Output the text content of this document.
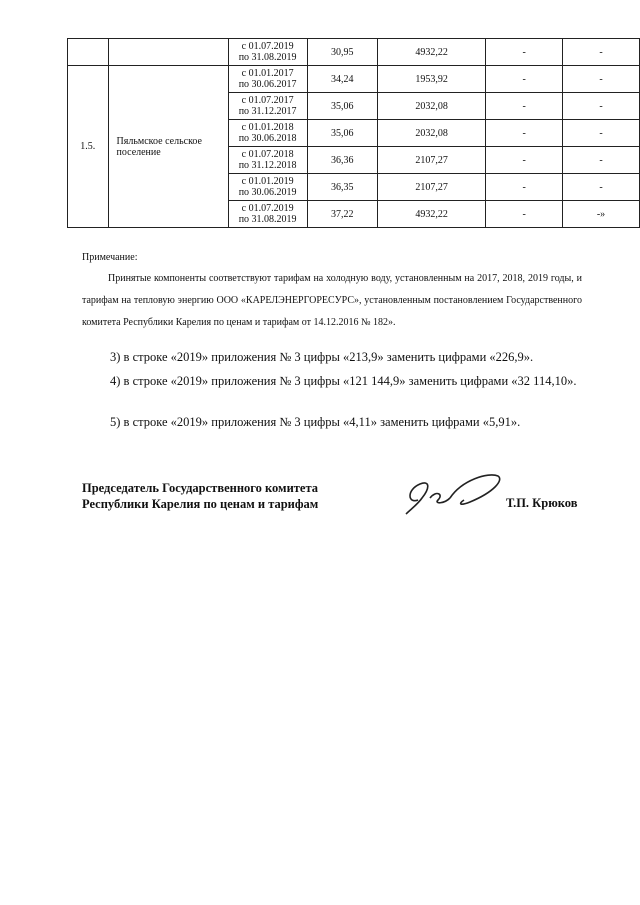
		с 01.07.2019
по 31.08.2019	30,95	4932,22	-	-
1.5.	Пяльмское сельское поселение	с 01.01.2017
по 30.06.2017	34,24	1953,92	-	-

		с 01.07.2017
по 31.12.2017	35,06	2032,08	-	-

		с 01.01.2018
по 30.06.2018	35,06	2032,08	-	-

		с 01.07.2018
по 31.12.2018	36,36	2107,27	-	-

		с 01.01.2019
по 30.06.2019	36,35	2107,27	-	-

		с 01.07.2019
по 31.08.2019	37,22	4932,22	-	-»
Примечание:
Принятые компоненты соответствуют тарифам на холодную воду, установленным на 2017, 2018, 2019 годы, и тарифам на тепловую энергию ООО «КАРЕЛЭНЕРГОРЕСУРС», установленным постановлением Государственного комитета Республики Карелия по ценам и тарифам от 14.12.2016 № 182».
3) в строке «2019» приложения № 3 цифры «213,9» заменить цифрами «226,9».
4) в строке «2019» приложения № 3 цифры «121 144,9» заменить цифрами «32 114,10».
5) в строке «2019» приложения № 3 цифры «4,11» заменить цифрами «5,91».
Председатель Государственного комитета
Республики Карелия по ценам и тарифам	Т.П. Крюков
